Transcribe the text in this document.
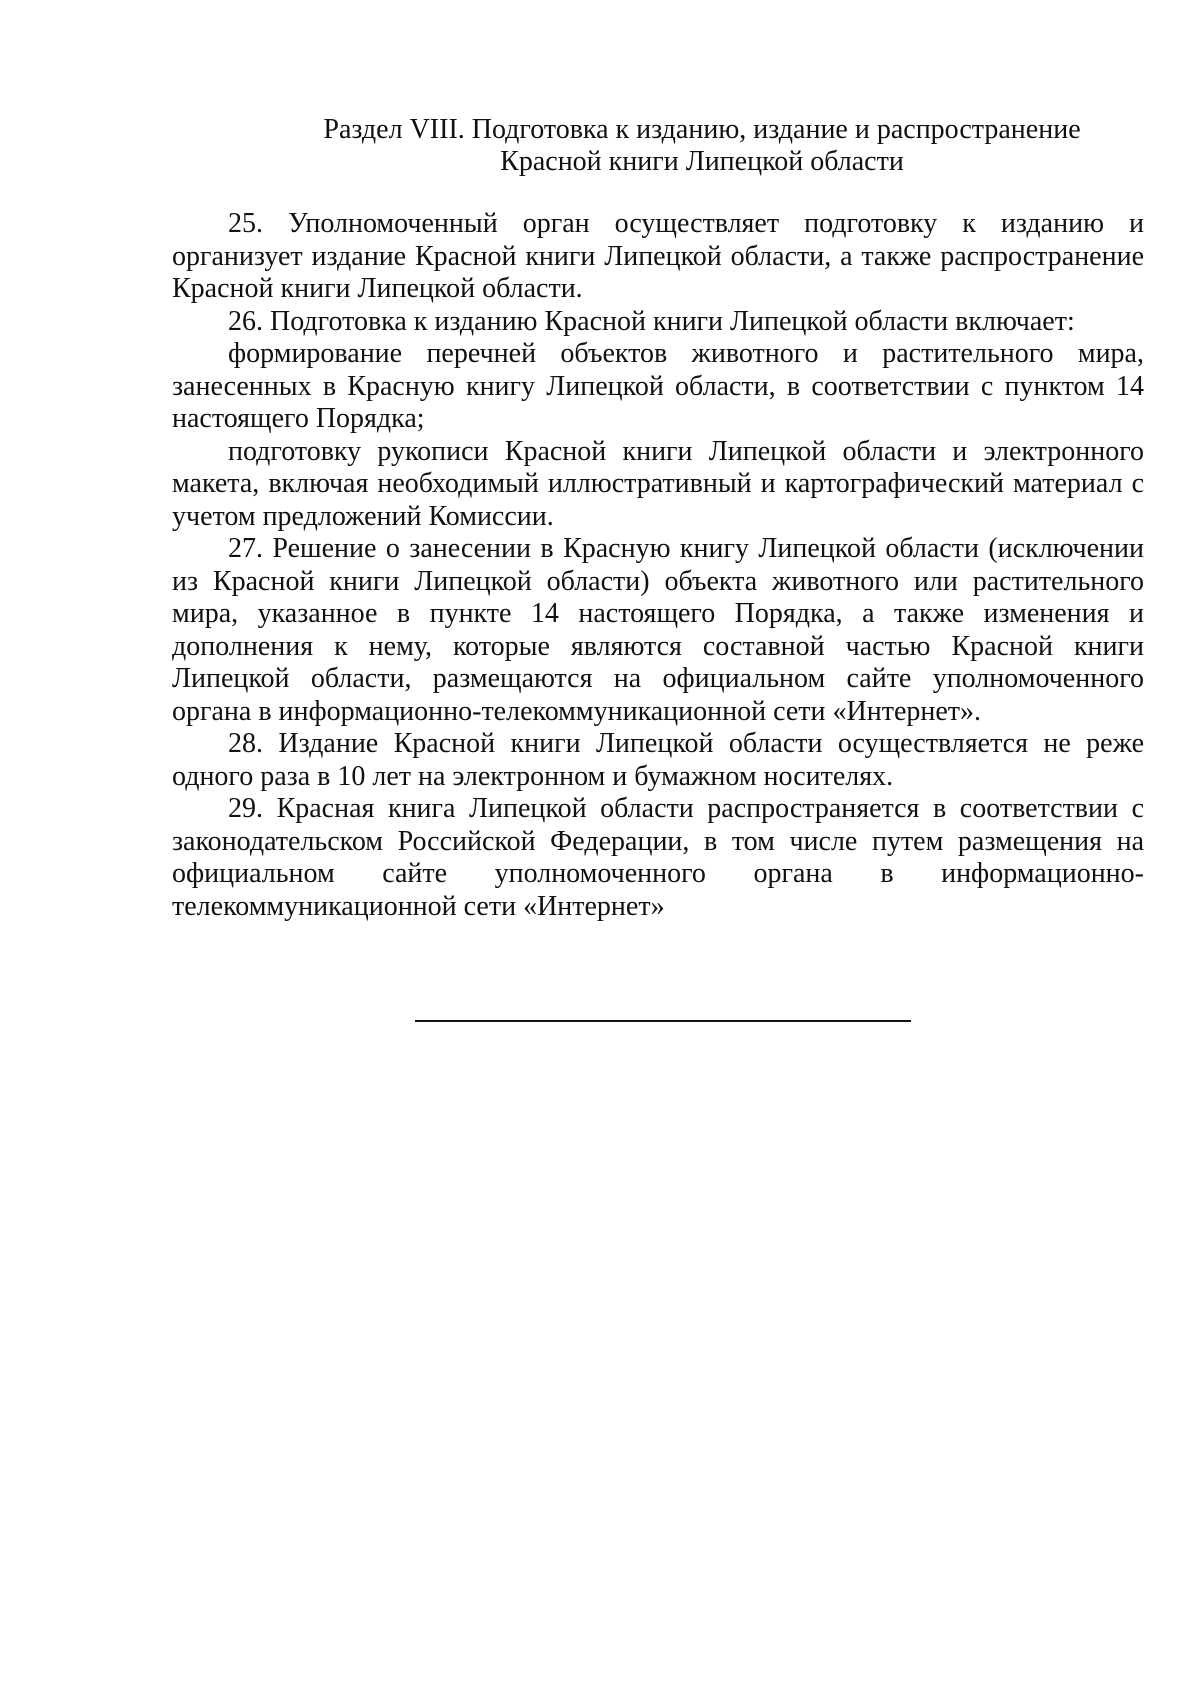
Раздел VIII. Подготовка к изданию, издание и распространение
Красной книги Липецкой области

25. Уполномоченный орган осуществляет подготовку к изданию и организует издание Красной книги Липецкой области, а также распространение Красной книги Липецкой области.

26. Подготовка к изданию Красной книги Липецкой области включает:

формирование перечней объектов животного и растительного мира, занесенных в Красную книгу Липецкой области, в соответствии с пунктом 14 настоящего Порядка;

подготовку рукописи Красной книги Липецкой области и электронного макета, включая необходимый иллюстративный и картографический материал с учетом предложений Комиссии.

27. Решение о занесении в Красную книгу Липецкой области (исключении из Красной книги Липецкой области) объекта животного или растительного мира, указанное в пункте 14 настоящего Порядка, а также изменения и дополнения к нему, которые являются составной частью Красной книги Липецкой области, размещаются на официальном сайте уполномоченного органа в информационно-телекоммуникационной сети «Интернет».

28. Издание Красной книги Липецкой области осуществляется не реже одного раза в 10 лет на электронном и бумажном носителях.

29. Красная книга Липецкой области распространяется в соответствии с законодательском Российской Федерации, в том числе путем размещения на официальном сайте уполномоченного органа в информационно-телекоммуникационной сети «Интернет»
